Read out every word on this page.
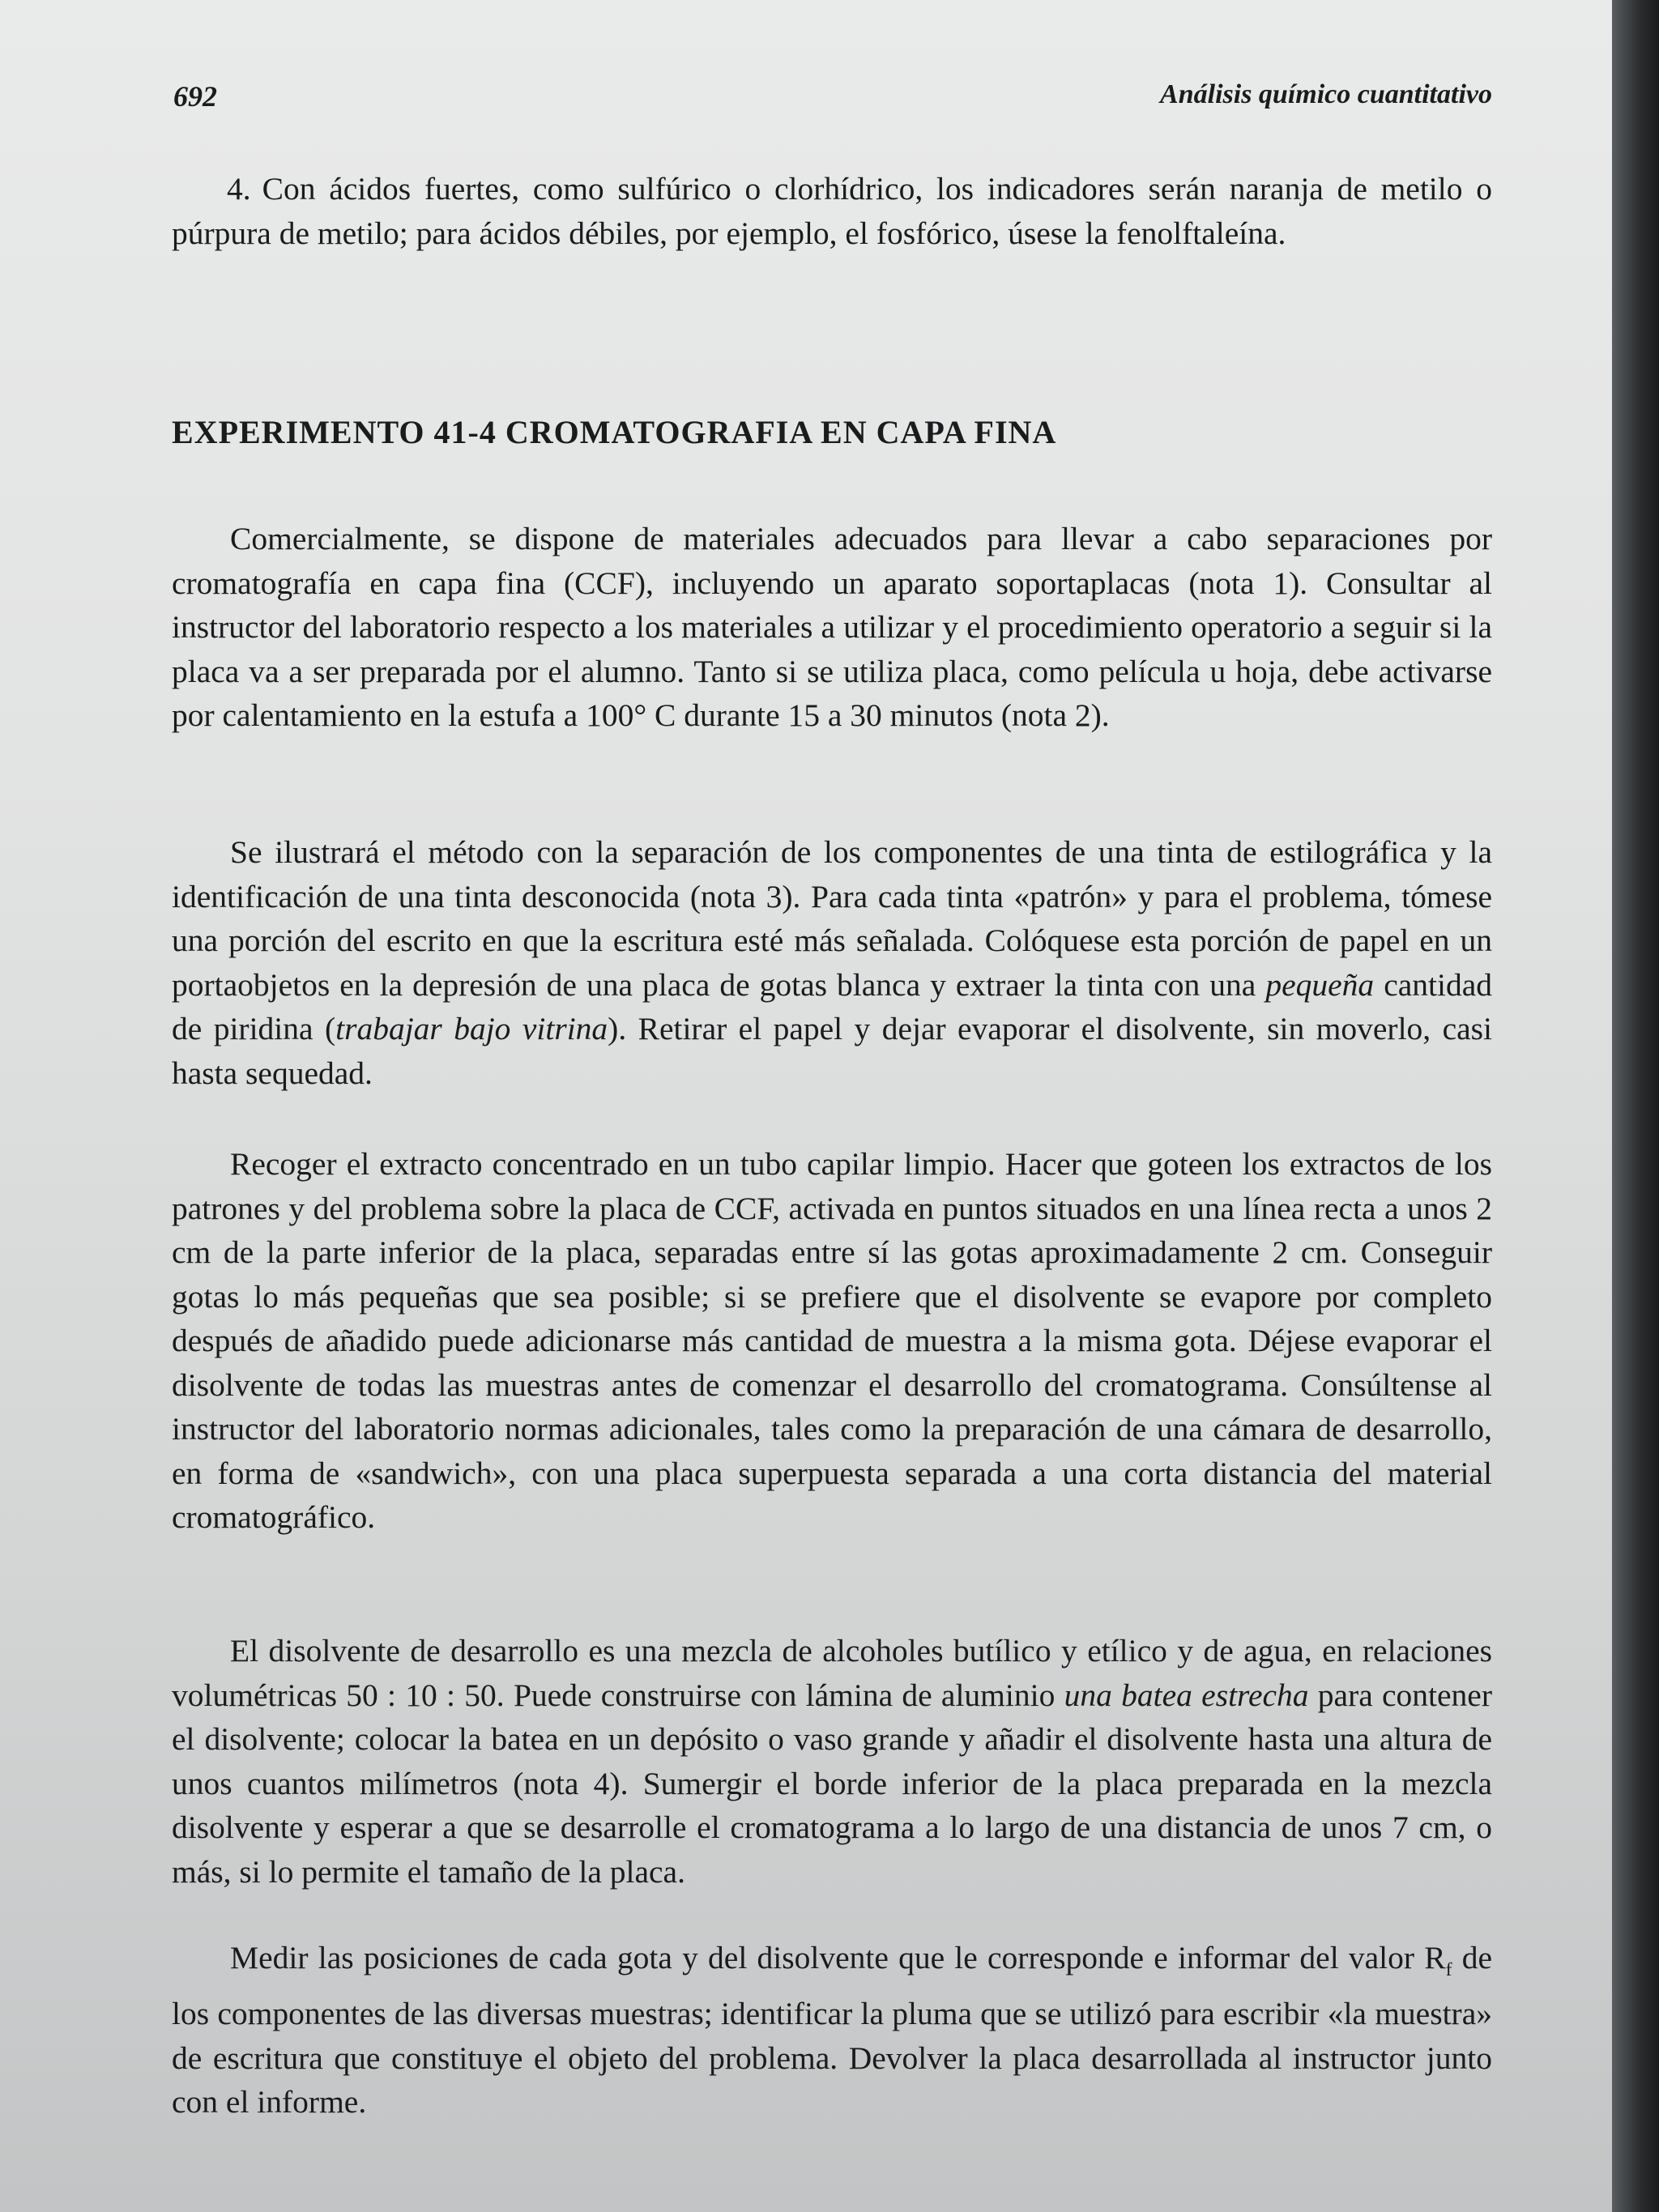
692	Análisis químico cuantitativo

4. Con ácidos fuertes, como sulfúrico o clorhídrico, los indicadores serán naranja de metilo o púrpura de metilo; para ácidos débiles, por ejemplo, el fosfórico, úsese la fenolftaleína.

EXPERIMENTO 41-4 CROMATOGRAFIA EN CAPA FINA

Comercialmente, se dispone de materiales adecuados para llevar a cabo separaciones por cromatografía en capa fina (CCF), incluyendo un aparato soportaplacas (nota 1). Consultar al instructor del laboratorio respecto a los materiales a utilizar y el procedimiento operatorio a seguir si la placa va a ser preparada por el alumno. Tanto si se utiliza placa, como película u hoja, debe activarse por calentamiento en la estufa a 100° C durante 15 a 30 minutos (nota 2).

Se ilustrará el método con la separación de los componentes de una tinta de estilográfica y la identificación de una tinta desconocida (nota 3). Para cada tinta «patrón» y para el problema, tómese una porción del escrito en que la escritura esté más señalada. Colóquese esta porción de papel en un portaobjetos en la depresión de una placa de gotas blanca y extraer la tinta con una pequeña cantidad de piridina (trabajar bajo vitrina). Retirar el papel y dejar evaporar el disolvente, sin moverlo, casi hasta sequedad.

Recoger el extracto concentrado en un tubo capilar limpio. Hacer que goteen los extractos de los patrones y del problema sobre la placa de CCF, activada en puntos situados en una línea recta a unos 2 cm de la parte inferior de la placa, separadas entre sí las gotas aproximadamente 2 cm. Conseguir gotas lo más pequeñas que sea posible; si se prefiere que el disolvente se evapore por completo después de añadido puede adicionarse más cantidad de muestra a la misma gota. Déjese evaporar el disolvente de todas las muestras antes de comenzar el desarrollo del cromatograma. Consúltense al instructor del laboratorio normas adicionales, tales como la preparación de una cámara de desarrollo, en forma de «sandwich», con una placa superpuesta separada a una corta distancia del material cromatográfico.

El disolvente de desarrollo es una mezcla de alcoholes butílico y etílico y de agua, en relaciones volumétricas 50 : 10 : 50. Puede construirse con lámina de aluminio una batea estrecha para contener el disolvente; colocar la batea en un depósito o vaso grande y añadir el disolvente hasta una altura de unos cuantos milímetros (nota 4). Sumergir el borde inferior de la placa preparada en la mezcla disolvente y esperar a que se desarrolle el cromatograma a lo largo de una distancia de unos 7 cm, o más, si lo permite el tamaño de la placa.

Medir las posiciones de cada gota y del disolvente que le corresponde e informar del valor $R_f$ de los componentes de las diversas muestras; identificar la pluma que se utilizó para escribir «la muestra» de escritura que constituye el objeto del problema. Devolver la placa desarrollada al instructor junto con el informe.
